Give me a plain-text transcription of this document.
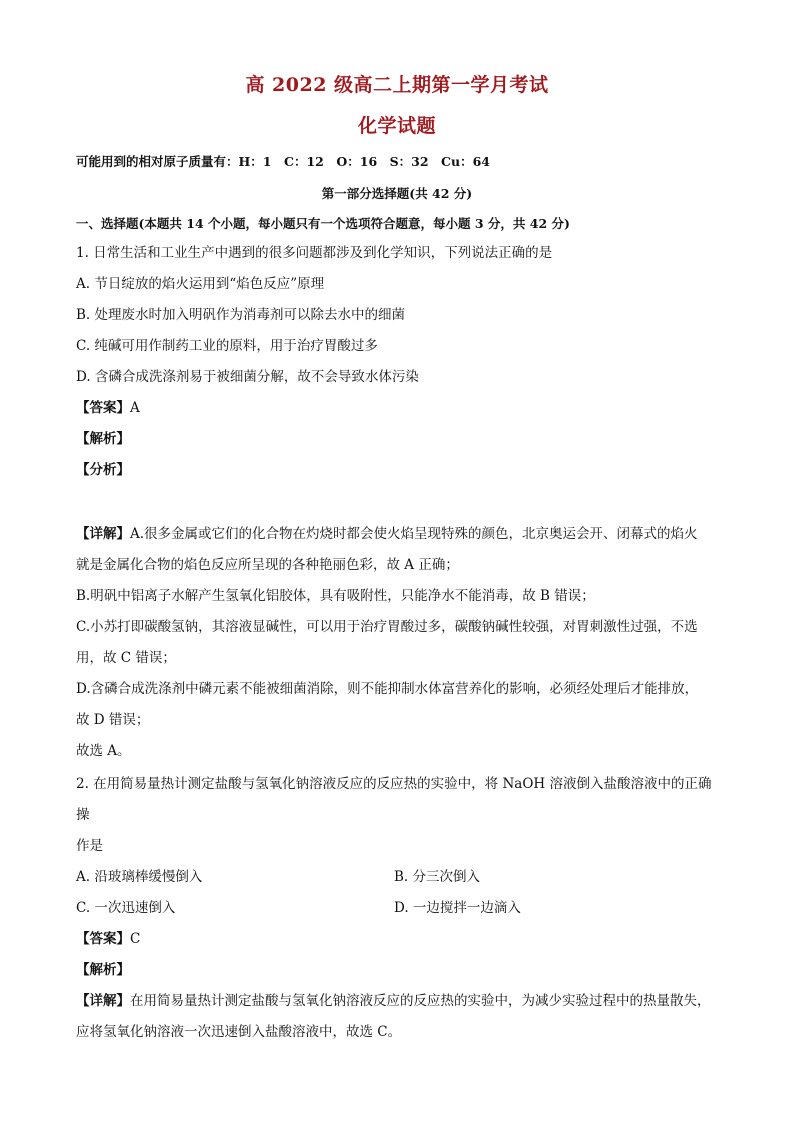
高 2022 级高二上期第一学月考试
化学试题
可能用到的相对原子质量有：H：1　C：12　O：16　S：32　Cu：64
第一部分选择题(共 42 分)
一、选择题(本题共 14 个小题，每小题只有一个选项符合题意，每小题 3 分，共 42 分)
1. 日常生活和工业生产中遇到的很多问题都涉及到化学知识，下列说法正确的是
A. 节日绽放的焰火运用到“焰色反应”原理
B. 处理废水时加入明矾作为消毒剂可以除去水中的细菌
C. 纯碱可用作制药工业的原料，用于治疗胃酸过多
D. 含磷合成洗涤剂易于被细菌分解，故不会导致水体污染
【答案】A
【解析】
【分析】
【详解】A.很多金属或它们的化合物在灼烧时都会使火焰呈现特殊的颜色，北京奥运会开、闭幕式的焰火
就是金属化合物的焰色反应所呈现的各种艳丽色彩，故 A 正确；
B.明矾中铝离子水解产生氢氧化铝胶体，具有吸附性，只能净水不能消毒，故 B 错误；
C.小苏打即碳酸氢钠，其溶液显碱性，可以用于治疗胃酸过多，碳酸钠碱性较强，对胃刺激性过强，不选
用，故 C 错误；
D.含磷合成洗涤剂中磷元素不能被细菌消除，则不能抑制水体富营养化的影响，必须经处理后才能排放，
故 D 错误；
故选 A。
2. 在用简易量热计测定盐酸与氢氧化钠溶液反应的反应热的实验中，将 NaOH 溶液倒入盐酸溶液中的正确操
作是
A. 沿玻璃棒缓慢倒入	B. 分三次倒入
C. 一次迅速倒入	D. 一边搅拌一边滴入
【答案】C
【解析】
【详解】在用简易量热计测定盐酸与氢氧化钠溶液反应的反应热的实验中，为减少实验过程中的热量散失，
应将氢氧化钠溶液一次迅速倒入盐酸溶液中，故选 C。
